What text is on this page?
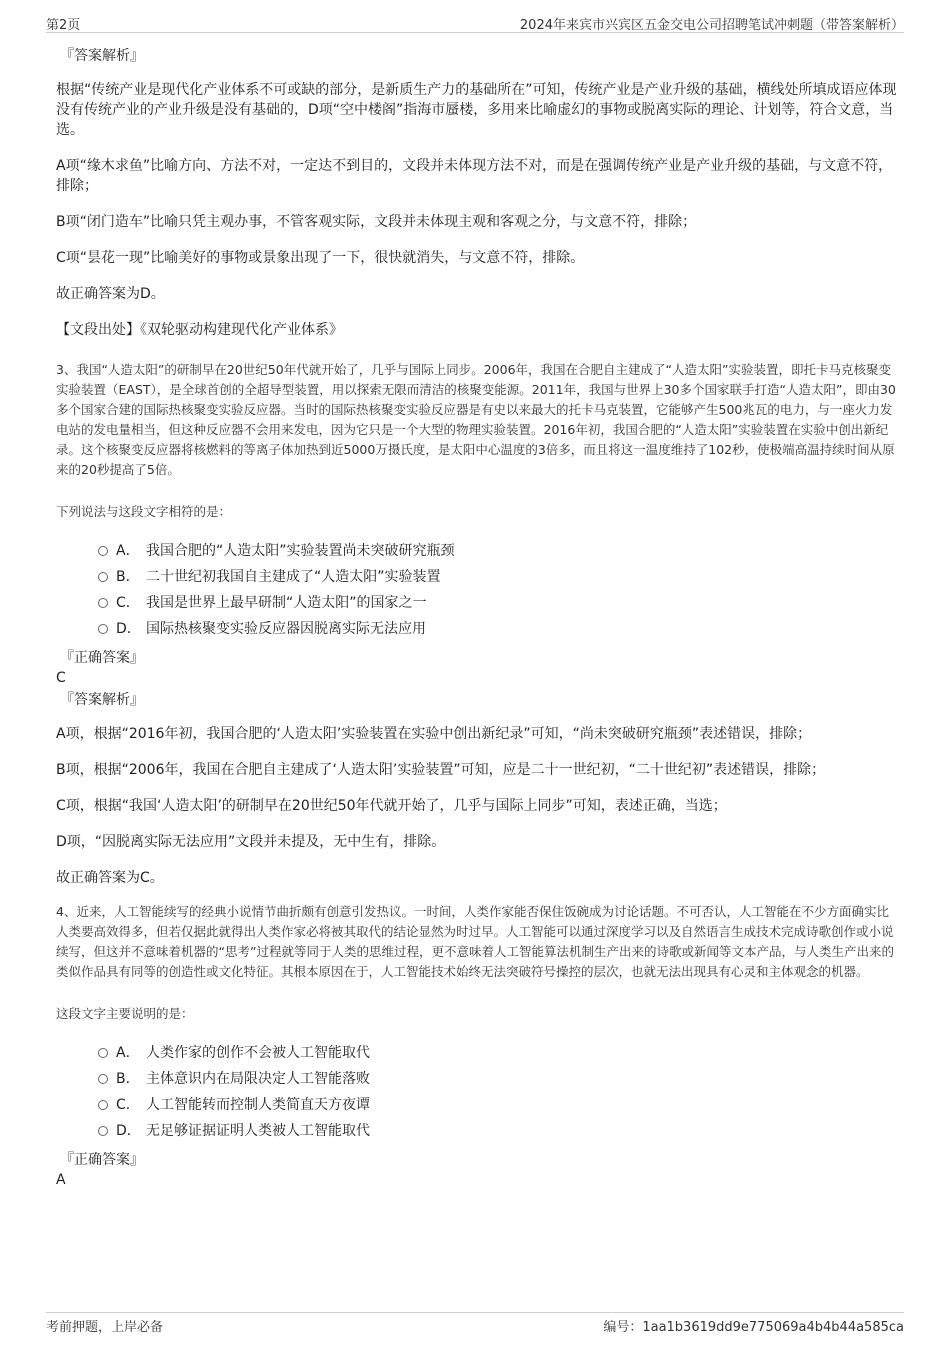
第2页	2024年来宾市兴宾区五金交电公司招聘笔试冲刺题（带答案解析）

『答案解析』

根据“传统产业是现代化产业体系不可或缺的部分，是新质生产力的基础所在”可知，传统产业是产业升级的基础，横线处所填成语应体现没有传统产业的产业升级是没有基础的，D项“空中楼阁”指海市蜃楼，多用来比喻虚幻的事物或脱离实际的理论、计划等，符合文意，当选。

A项“缘木求鱼”比喻方向、方法不对，一定达不到目的，文段并未体现方法不对，而是在强调传统产业是产业升级的基础，与文意不符，排除；

B项“闭门造车”比喻只凭主观办事，不管客观实际，文段并未体现主观和客观之分，与文意不符，排除；

C项“昙花一现”比喻美好的事物或景象出现了一下，很快就消失，与文意不符，排除。

故正确答案为D。

【文段出处】《双轮驱动构建现代化产业体系》

3、我国“人造太阳”的研制早在20世纪50年代就开始了，几乎与国际上同步。2006年，我国在合肥自主建成了“人造太阳”实验装置，即托卡马克核聚变实验装置（EAST），是全球首创的全超导型装置，用以探索无限而清洁的核聚变能源。2011年，我国与世界上30多个国家联手打造“人造太阳”，即由30多个国家合建的国际热核聚变实验反应器。当时的国际热核聚变实验反应器是有史以来最大的托卡马克装置，它能够产生500兆瓦的电力，与一座火力发电站的发电量相当，但这种反应器不会用来发电，因为它只是一个大型的物理实验装置。2016年初，我国合肥的“人造太阳”实验装置在实验中创出新纪录。这个核聚变反应器将核燃料的等离子体加热到近5000万摄氏度，是太阳中心温度的3倍多，而且将这一温度维持了102秒，使极端高温持续时间从原来的20秒提高了5倍。

下列说法与这段文字相符的是：

A． 我国合肥的“人造太阳”实验装置尚未突破研究瓶颈
B． 二十世纪初我国自主建成了“人造太阳”实验装置
C． 我国是世界上最早研制“人造太阳”的国家之一
D． 国际热核聚变实验反应器因脱离实际无法应用

『正确答案』

C

『答案解析』

A项，根据“2016年初，我国合肥的‘人造太阳’实验装置在实验中创出新纪录”可知，“尚未突破研究瓶颈”表述错误，排除；

B项，根据“2006年，我国在合肥自主建成了‘人造太阳’实验装置”可知，应是二十一世纪初，“二十世纪初”表述错误，排除；

C项，根据“我国‘人造太阳’的研制早在20世纪50年代就开始了，几乎与国际上同步”可知，表述正确，当选；

D项，“因脱离实际无法应用”文段并未提及，无中生有，排除。

故正确答案为C。

4、近来，人工智能续写的经典小说情节曲折颇有创意引发热议。一时间，人类作家能否保住饭碗成为讨论话题。不可否认，人工智能在不少方面确实比人类要高效得多，但若仅据此就得出人类作家必将被其取代的结论显然为时过早。人工智能可以通过深度学习以及自然语言生成技术完成诗歌创作或小说续写，但这并不意味着机器的“思考”过程就等同于人类的思维过程，更不意味着人工智能算法机制生产出来的诗歌或新闻等文本产品，与人类生产出来的类似作品具有同等的创造性或文化特征。其根本原因在于，人工智能技术始终无法突破符号操控的层次，也就无法出现具有心灵和主体观念的机器。

这段文字主要说明的是：

A． 人类作家的创作不会被人工智能取代
B． 主体意识内在局限决定人工智能落败
C． 人工智能转而控制人类简直天方夜谭
D． 无足够证据证明人类被人工智能取代

『正确答案』

A

考前押题，上岸必备	编号：1aa1b3619dd9e775069a4b4b44a585ca
